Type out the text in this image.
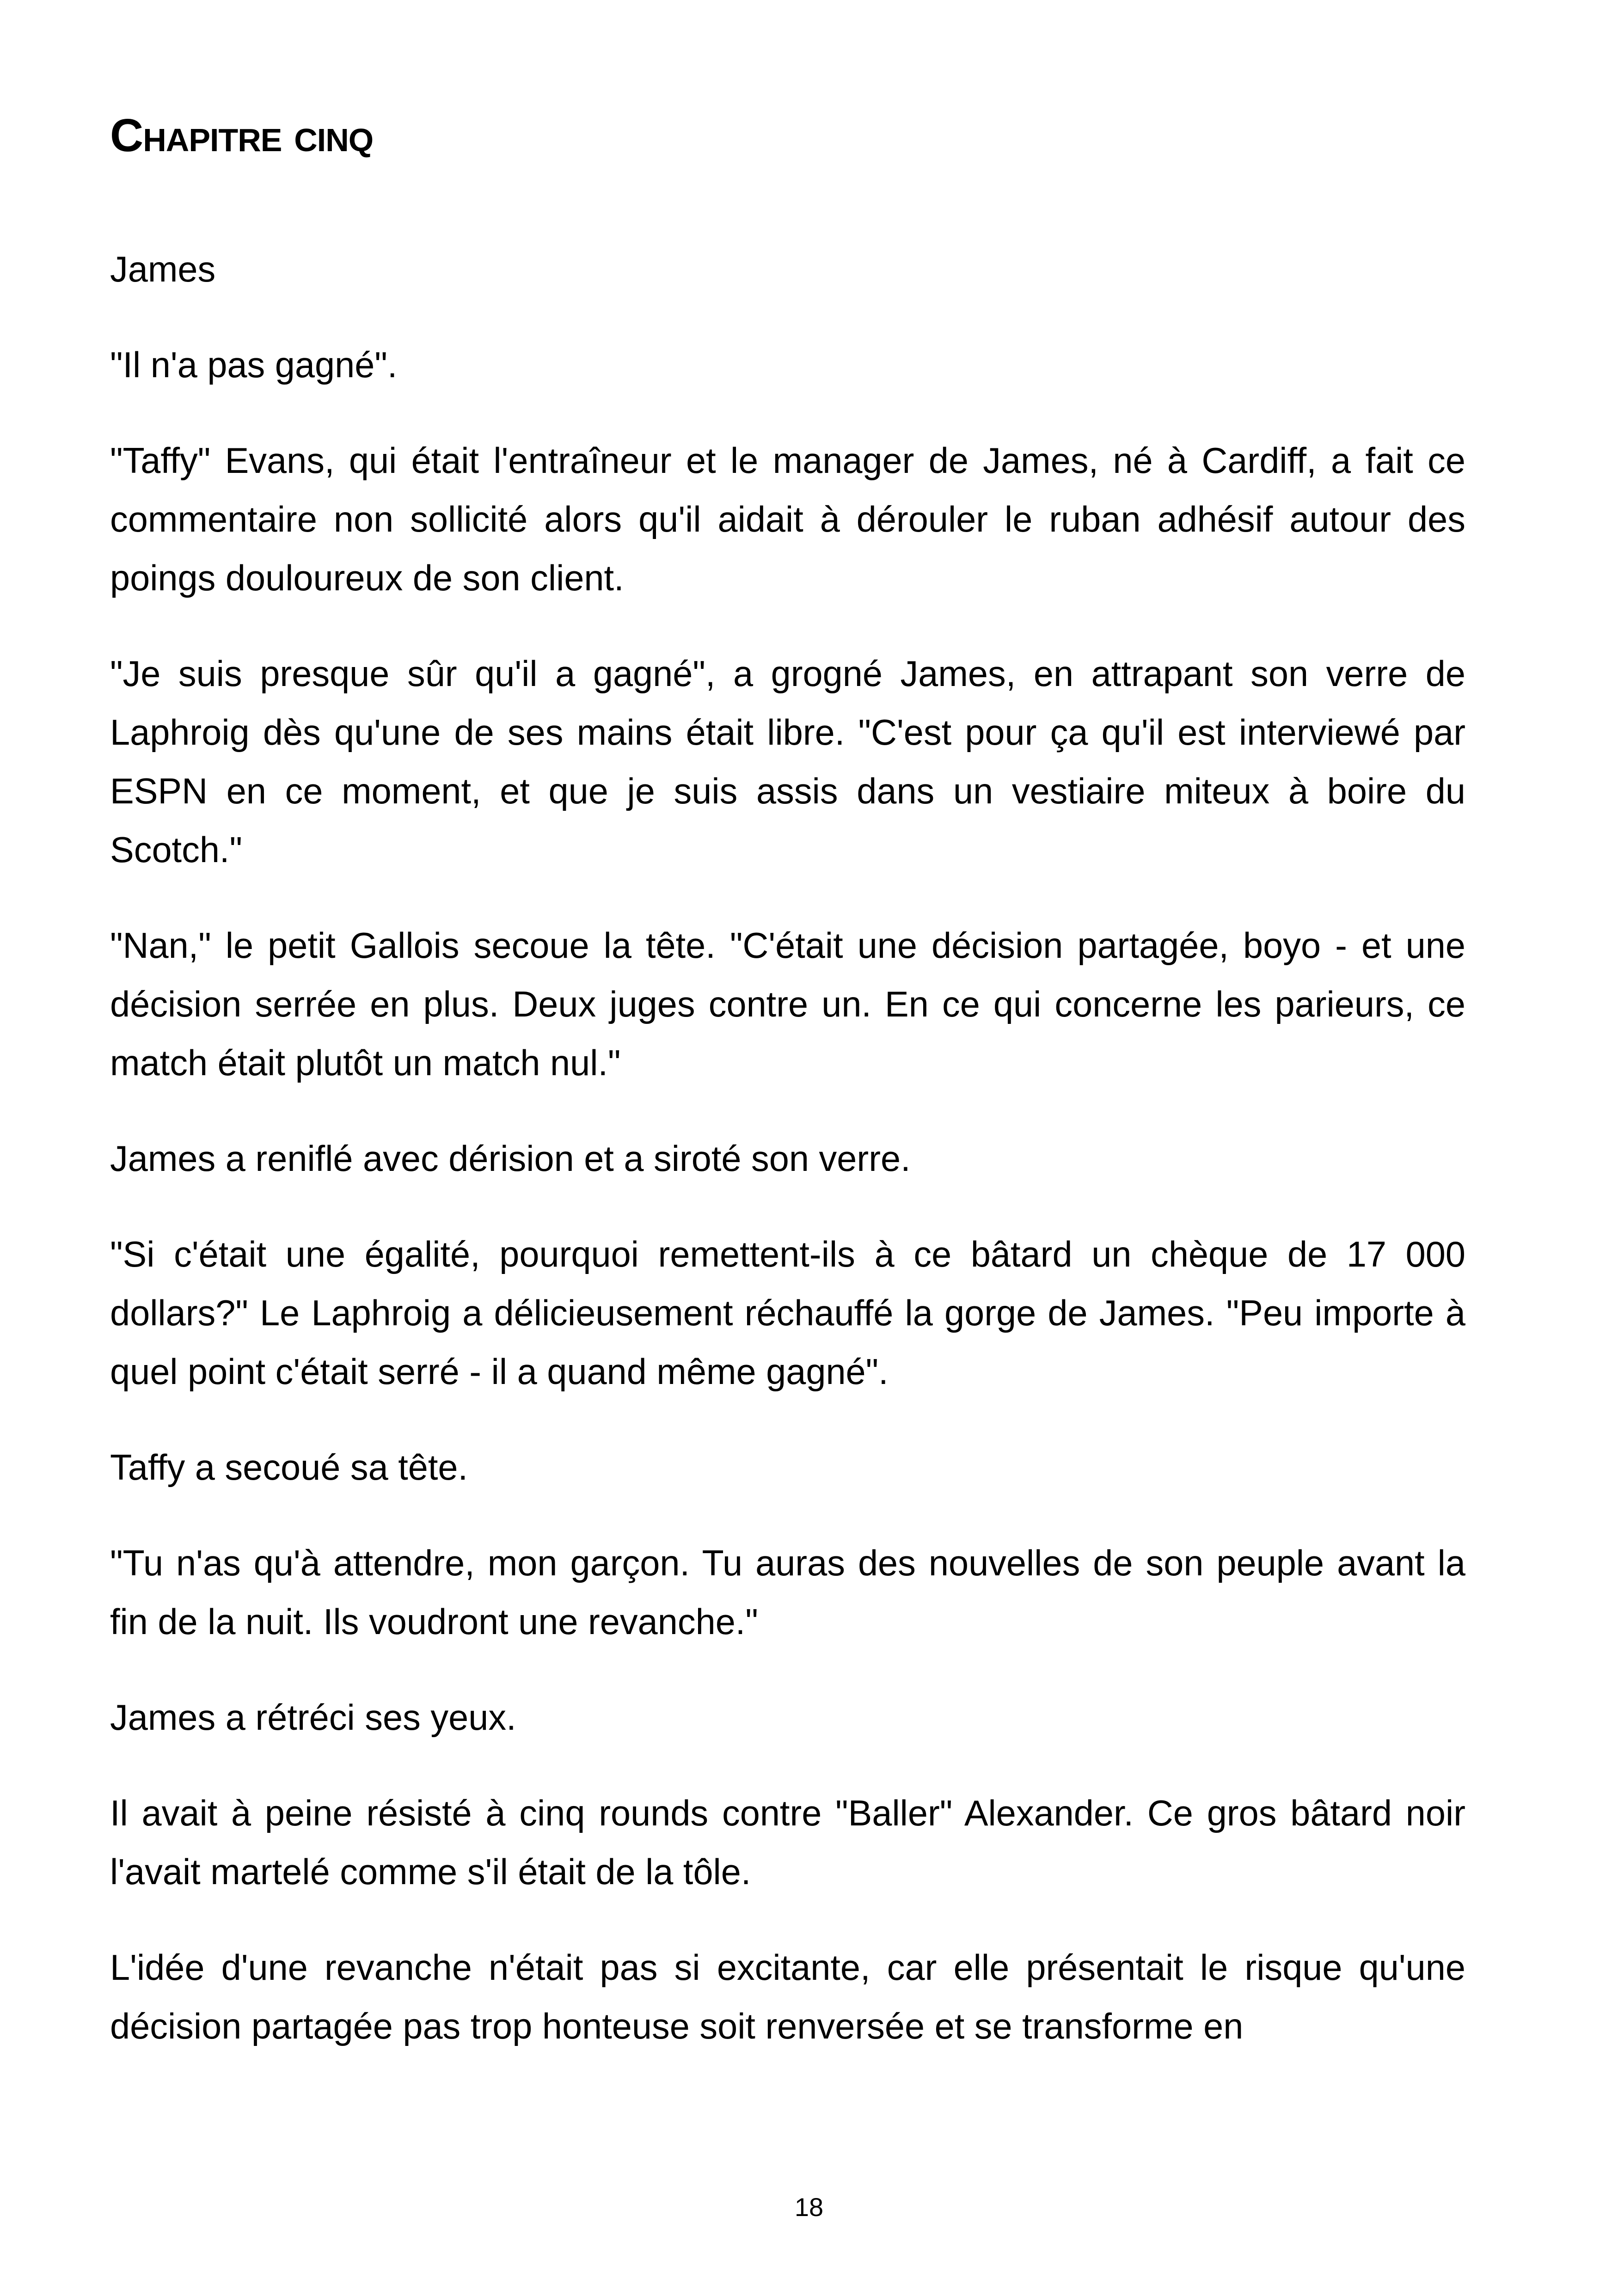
Chapitre cinq

James

"Il n'a pas gagné".

"Taffy" Evans, qui était l'entraîneur et le manager de James, né à Cardiff, a fait ce commentaire non sollicité alors qu'il aidait à dérouler le ruban adhésif autour des poings douloureux de son client.

"Je suis presque sûr qu'il a gagné", a grogné James, en attrapant son verre de Laphroig dès qu'une de ses mains était libre. "C'est pour ça qu'il est interviewé par ESPN en ce moment, et que je suis assis dans un vestiaire miteux à boire du Scotch."

"Nan," le petit Gallois secoue la tête. "C'était une décision partagée, boyo - et une décision serrée en plus. Deux juges contre un. En ce qui concerne les parieurs, ce match était plutôt un match nul."

James a reniflé avec dérision et a siroté son verre.

"Si c'était une égalité, pourquoi remettent-ils à ce bâtard un chèque de 17 000 dollars?" Le Laphroig a délicieusement réchauffé la gorge de James. "Peu importe à quel point c'était serré - il a quand même gagné".

Taffy a secoué sa tête.

"Tu n'as qu'à attendre, mon garçon. Tu auras des nouvelles de son peuple avant la fin de la nuit. Ils voudront une revanche."

James a rétréci ses yeux.

Il avait à peine résisté à cinq rounds contre "Baller" Alexander. Ce gros bâtard noir l'avait martelé comme s'il était de la tôle.

L'idée d'une revanche n'était pas si excitante, car elle présentait le risque qu'une décision partagée pas trop honteuse soit renversée et se transforme en

18
